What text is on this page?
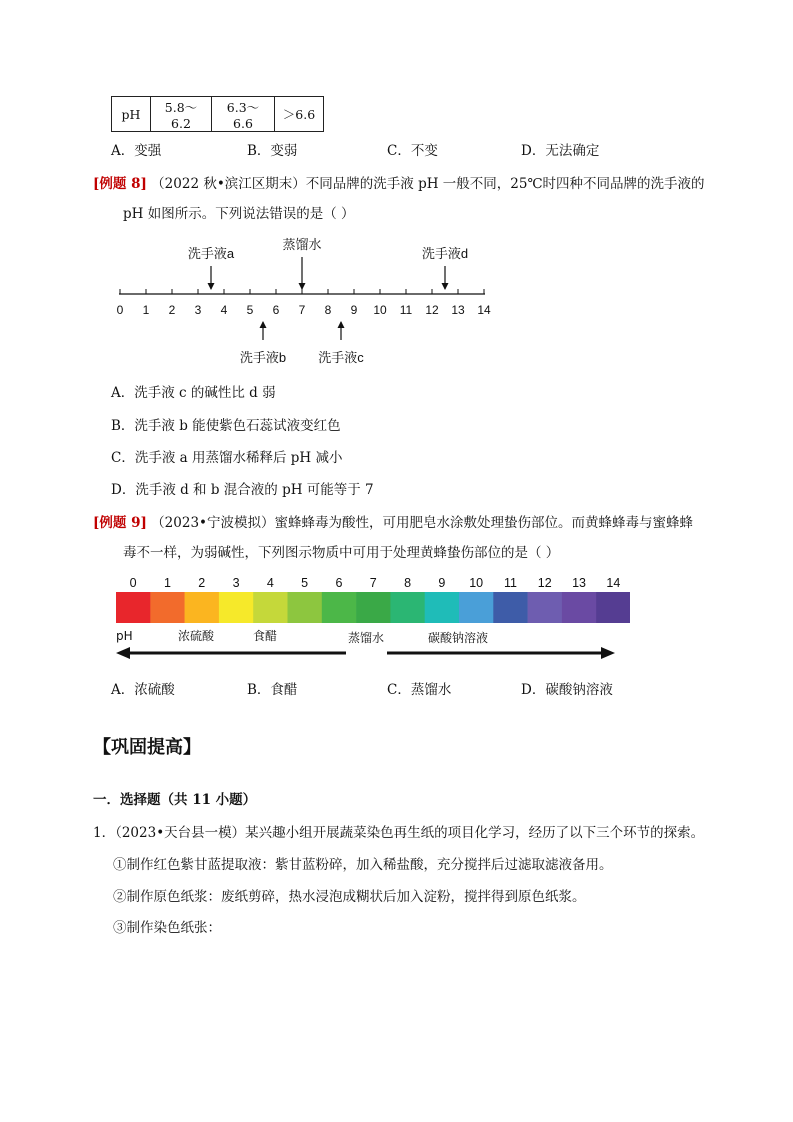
pH	5.8～6.2	6.3～6.6	＞6.6
A．变强	B．变弱	C．不变	D．无法确定
[例题 8] （2022 秋•滨江区期末）不同品牌的洗手液 pH 一般不同，25℃时四种不同品牌的洗手液的
pH 如图所示。下列说法错误的是（ ）
0 1 2 3 4 5 6 7 8 9 10 11 12 13 14
洗手液a
蒸馏水
洗手液d
洗手液b 洗手液c
A．洗手液 c 的碱性比 d 弱
B．洗手液 b 能使紫色石蕊试液变红色
C．洗手液 a 用蒸馏水稀释后 pH 减小
D．洗手液 d 和 b 混合液的 pH 可能等于 7
[例题 9] （2023•宁波模拟）蜜蜂蜂毒为酸性，可用肥皂水涂敷处理蛰伤部位。而黄蜂蜂毒与蜜蜂蜂
毒不一样，为弱碱性，下列图示物质中可用于处理黄蜂蛰伤部位的是（ ）
0 1 2 3 4 5 6 7 8 9 10 11 12 13 14
pH	浓硫酸	食醋	蒸馏水	碳酸钠溶液
A．浓硫酸	B．食醋	C．蒸馏水	D．碳酸钠溶液
【巩固提高】
一．选择题（共 11 小题）
1．（2023•天台县一模）某兴趣小组开展蔬菜染色再生纸的项目化学习，经历了以下三个环节的探索。
①制作红色紫甘蓝提取液：紫甘蓝粉碎，加入稀盐酸，充分搅拌后过滤取滤液备用。
②制作原色纸浆：废纸剪碎，热水浸泡成糊状后加入淀粉，搅拌得到原色纸浆。
③制作染色纸张：
